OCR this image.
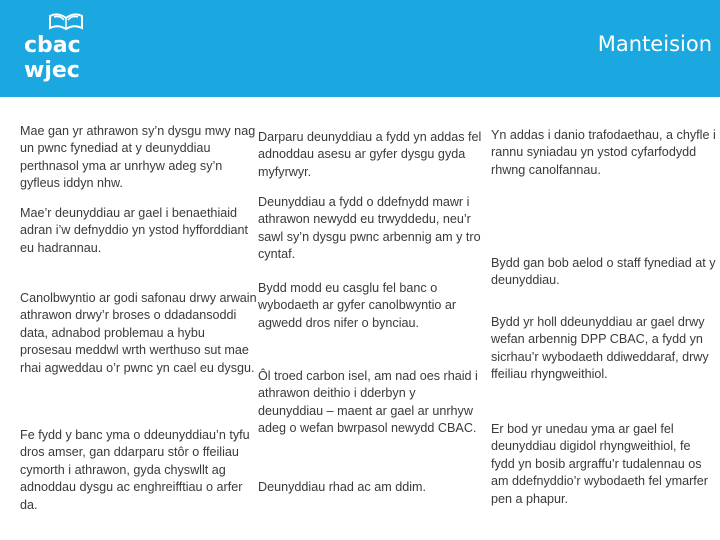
cbac
wjec
Manteision

Mae gan yr athrawon sy’n dysgu mwy nag un pwnc fynediad at y deunyddiau perthnasol yma ar unrhyw adeg sy’n gyfleus iddyn nhw.

Mae’r deunyddiau ar gael i benaethiaid adran i’w defnyddio yn ystod hyfforddiant eu hadrannau.

Canolbwyntio ar godi safonau drwy arwain athrawon drwy’r broses o ddadansoddi data, adnabod problemau a hybu prosesau meddwl wrth werthuso sut mae rhai agweddau o’r pwnc yn cael eu dysgu.

Fe fydd y banc yma o ddeunyddiau’n tyfu dros amser, gan ddarparu stôr o ffeiliau cymorth i athrawon, gyda chyswllt ag adnoddau dysgu ac enghreifftiau o arfer da.

Darparu deunyddiau a fydd yn addas fel adnoddau asesu ar gyfer dysgu gyda myfyrwyr.

Deunyddiau a fydd o ddefnydd mawr i athrawon newydd eu trwyddedu, neu’r sawl sy’n dysgu pwnc arbennig am y tro cyntaf.

Bydd modd eu casglu fel banc o wybodaeth ar gyfer canolbwyntio ar agwedd dros nifer o bynciau.

Ôl troed carbon isel, am nad oes rhaid i athrawon deithio i dderbyn y deunyddiau – maent ar gael ar unrhyw adeg o wefan bwrpasol newydd CBAC.

Deunyddiau rhad ac am ddim.

Yn addas i danio trafodaethau, a chyfle i rannu syniadau yn ystod cyfarfodydd rhwng canolfannau.

Bydd gan bob aelod o staff fynediad at y deunyddiau.

Bydd yr holl ddeunyddiau ar gael drwy wefan arbennig DPP CBAC, a fydd yn sicrhau’r wybodaeth ddiweddaraf, drwy ffeiliau rhyngweithiol.

Er bod yr unedau yma ar gael fel deunyddiau digidol rhyngweithiol, fe fydd yn bosib argraffu’r tudalennau os am ddefnyddio’r wybodaeth fel ymarfer pen a phapur.
